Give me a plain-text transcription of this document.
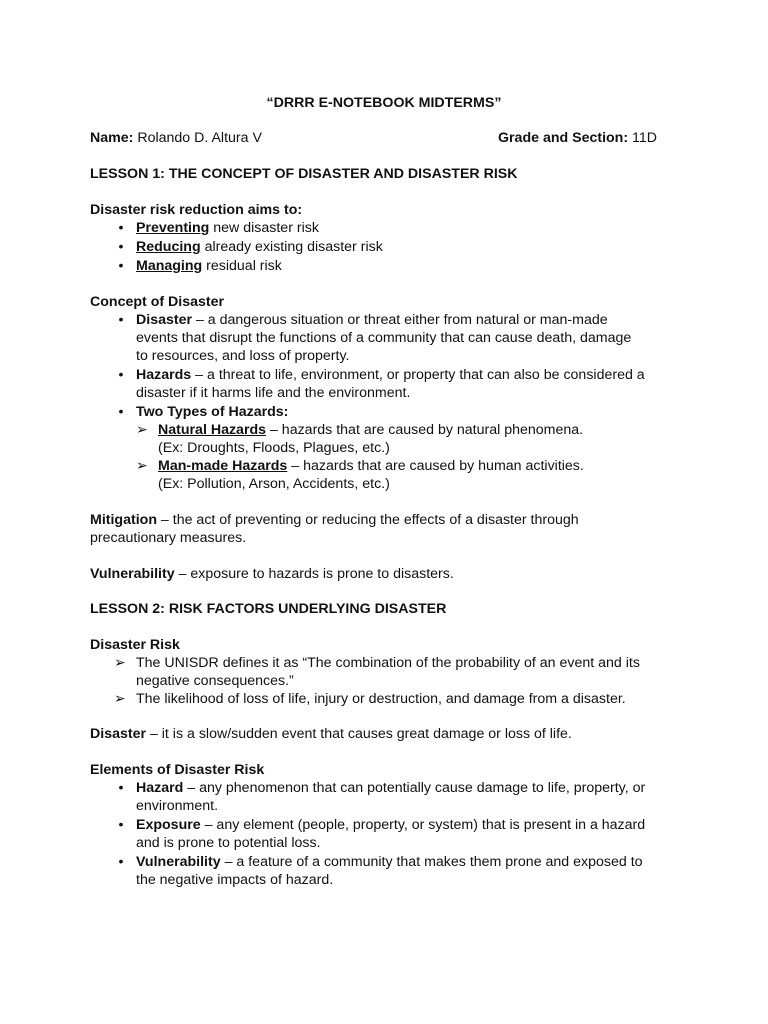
“DRRR E-NOTEBOOK MIDTERMS”
Name: Rolando D. Altura V	Grade and Section: 11D
LESSON 1: THE CONCEPT OF DISASTER AND DISASTER RISK
Disaster risk reduction aims to:
• Preventing new disaster risk
• Reducing already existing disaster risk
• Managing residual risk
Concept of Disaster
• Disaster – a dangerous situation or threat either from natural or man-made
events that disrupt the functions of a community that can cause death, damage
to resources, and loss of property.
• Hazards – a threat to life, environment, or property that can also be considered a
disaster if it harms life and the environment.
• Two Types of Hazards:
➢ Natural Hazards – hazards that are caused by natural phenomena.
(Ex: Droughts, Floods, Plagues, etc.)
➢ Man-made Hazards – hazards that are caused by human activities.
(Ex: Pollution, Arson, Accidents, etc.)
Mitigation – the act of preventing or reducing the effects of a disaster through
precautionary measures.
Vulnerability – exposure to hazards is prone to disasters.
LESSON 2: RISK FACTORS UNDERLYING DISASTER
Disaster Risk
➢ The UNISDR defines it as “The combination of the probability of an event and its
negative consequences.”
➢ The likelihood of loss of life, injury or destruction, and damage from a disaster.
Disaster – it is a slow/sudden event that causes great damage or loss of life.
Elements of Disaster Risk
• Hazard – any phenomenon that can potentially cause damage to life, property, or
environment.
• Exposure – any element (people, property, or system) that is present in a hazard
and is prone to potential loss.
• Vulnerability – a feature of a community that makes them prone and exposed to
the negative impacts of hazard.
